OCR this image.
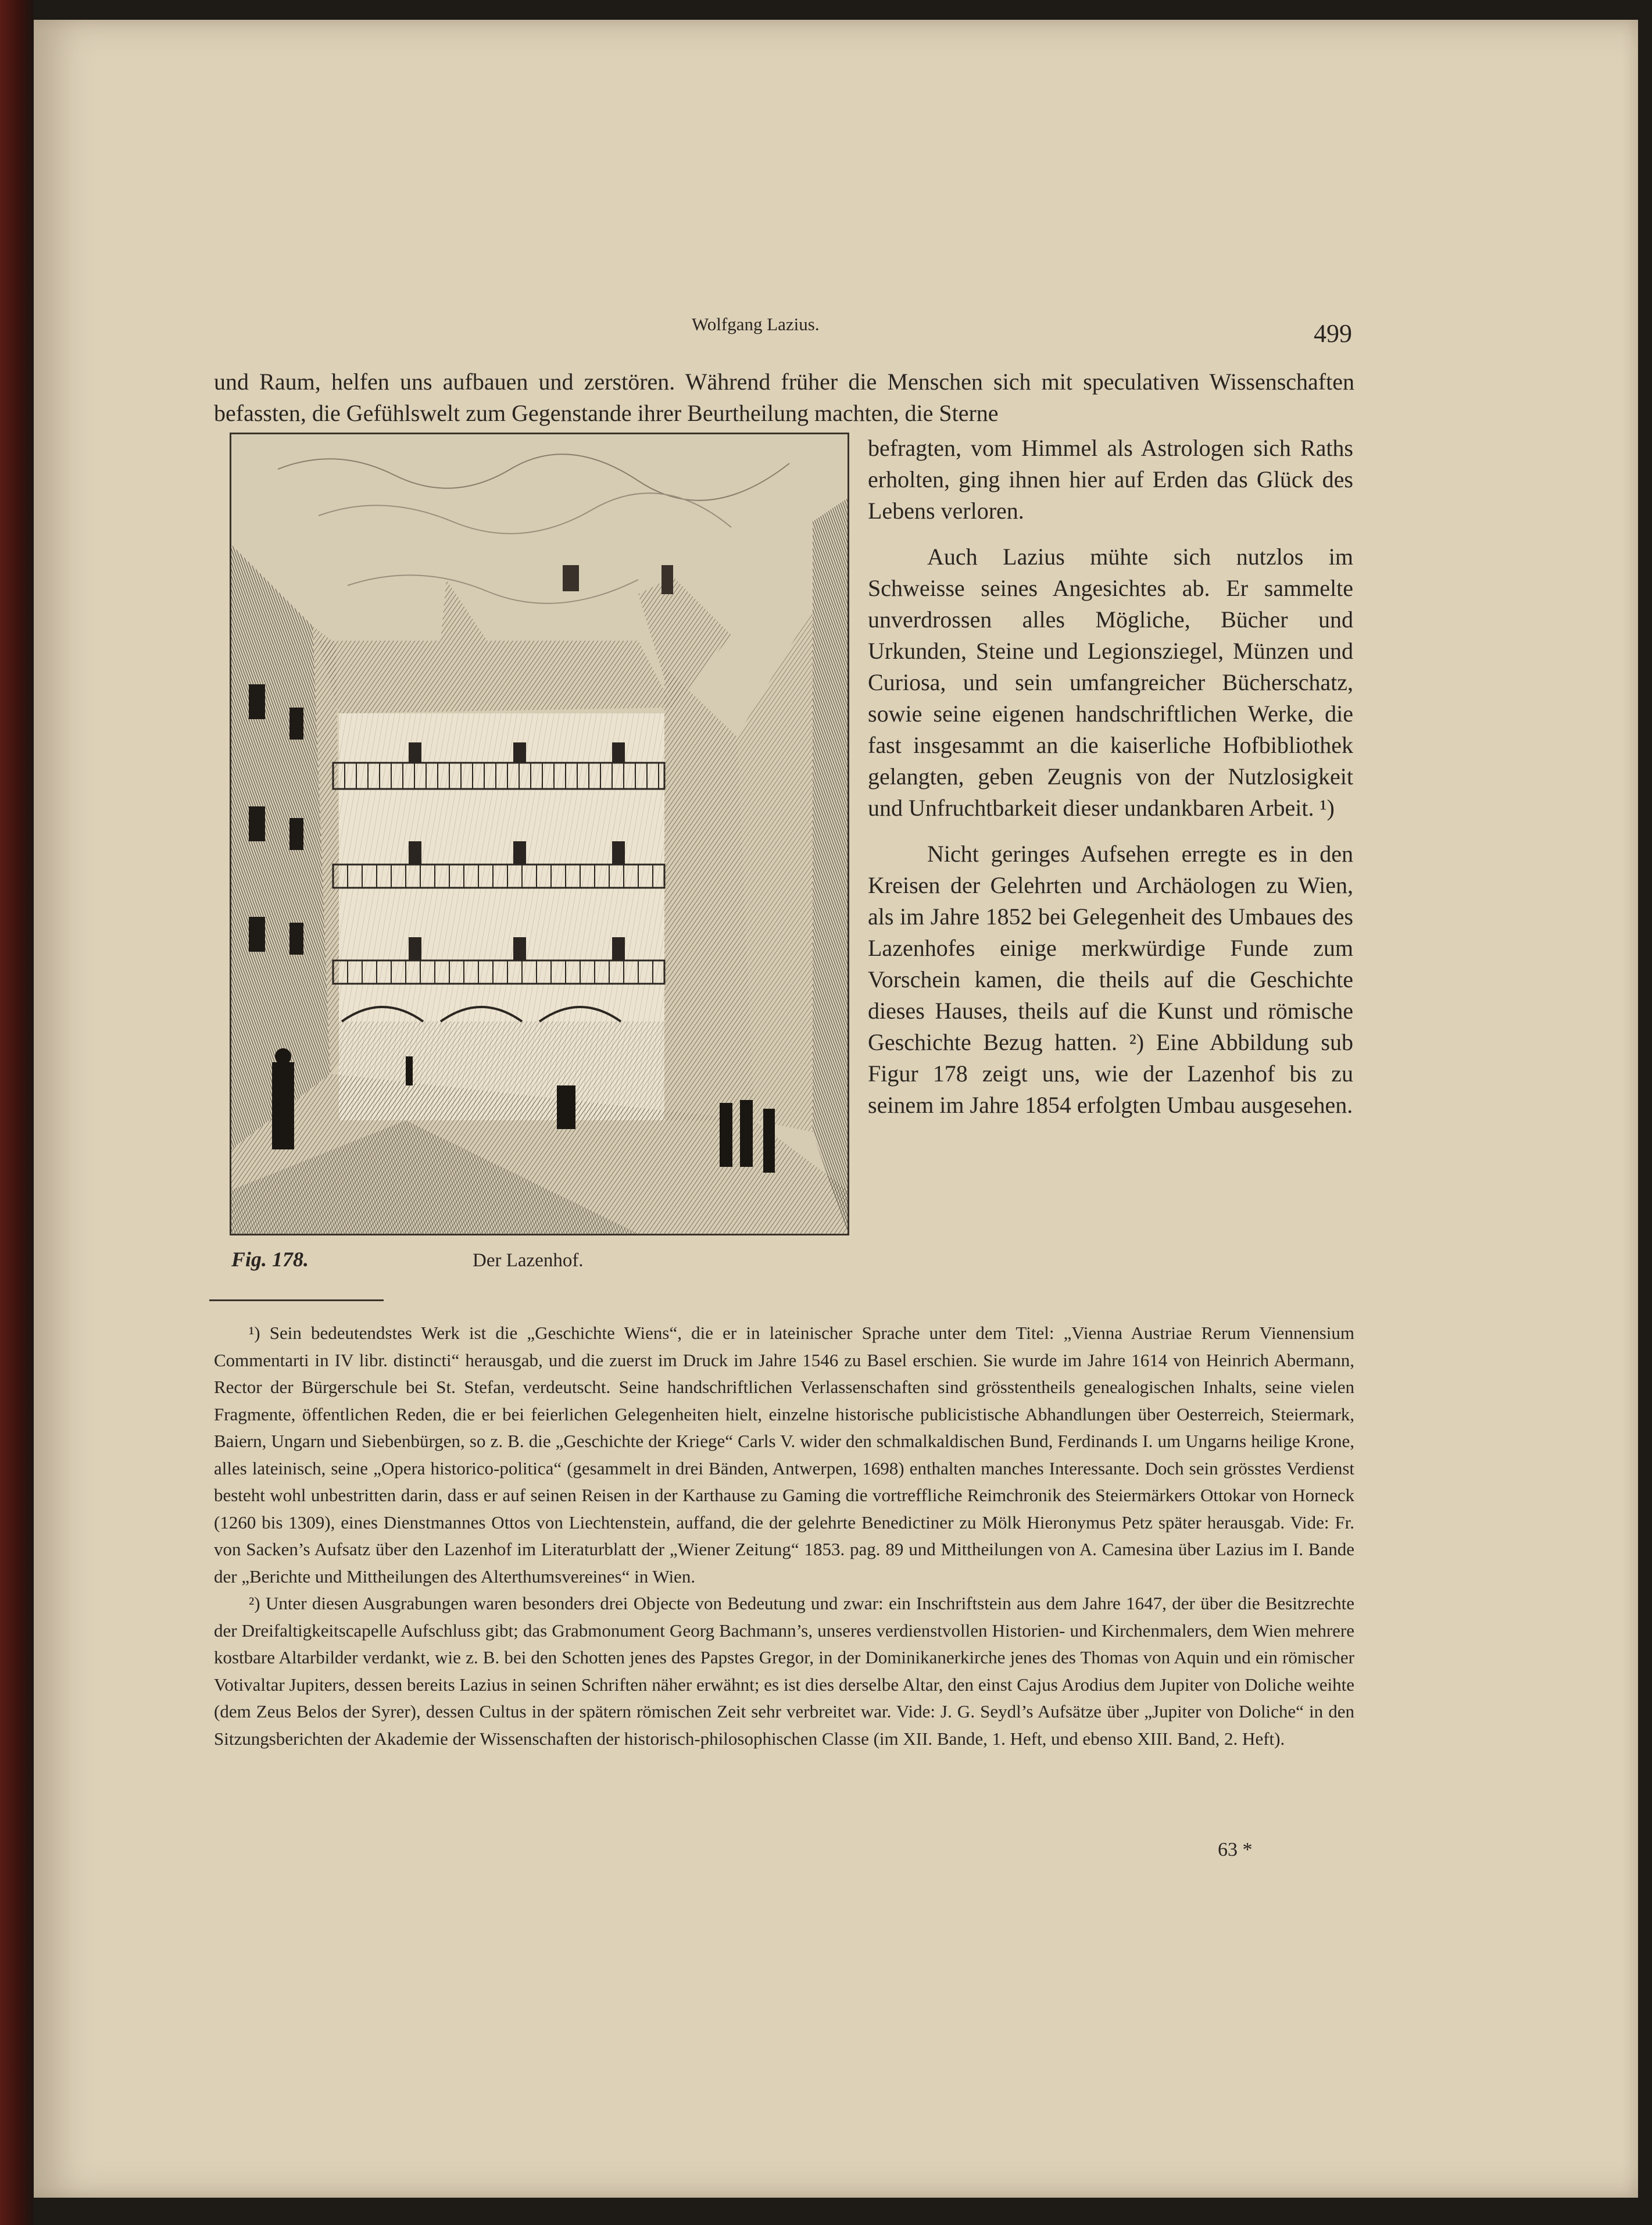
Wolfgang Lazius.	499
und Raum, helfen uns aufbauen und zerstören. Während früher die Menschen sich mit speculativen Wissenschaften befassten, die Gefühlswelt zum Gegenstande ihrer Beurtheilung machten, die Sterne
Fig. 178.	Der Lazenhof.

befragten, vom Himmel als Astrologen sich Raths erholten, ging ihnen hier auf Erden das Glück des Lebens verloren.

Auch Lazius mühte sich nutzlos im Schweisse seines Angesichtes ab. Er sammelte unverdrossen alles Mögliche, Bücher und Urkunden, Steine und Legionsziegel, Münzen und Curiosa, und sein umfangreicher Bücherschatz, sowie seine eigenen handschriftlichen Werke, die fast insgesammt an die kaiserliche Hofbibliothek gelangten, geben Zeugnis von der Nutzlosigkeit und Unfruchtbarkeit dieser undankbaren Arbeit. ¹)

Nicht geringes Aufsehen erregte es in den Kreisen der Gelehrten und Archäologen zu Wien, als im Jahre 1852 bei Gelegenheit des Umbaues des Lazenhofes einige merkwürdige Funde zum Vorschein kamen, die theils auf die Geschichte dieses Hauses, theils auf die Kunst und römische Geschichte Bezug hatten. ²) Eine Abbildung sub Figur 178 zeigt uns, wie der Lazenhof bis zu seinem im Jahre 1854 erfolgten Umbau ausgesehen.

¹) Sein bedeutendstes Werk ist die „Geschichte Wiens“, die er in lateinischer Sprache unter dem Titel: „Vienna Austriae Rerum Viennensium Commentarti in IV libr. distincti“ herausgab, und die zuerst im Druck im Jahre 1546 zu Basel erschien. Sie wurde im Jahre 1614 von Heinrich Abermann, Rector der Bürgerschule bei St. Stefan, verdeutscht. Seine handschriftlichen Verlassenschaften sind grösstentheils genealogischen Inhalts, seine vielen Fragmente, öffentlichen Reden, die er bei feierlichen Gelegenheiten hielt, einzelne historische publicistische Abhandlungen über Oesterreich, Steiermark, Baiern, Ungarn und Siebenbürgen, so z. B. die „Geschichte der Kriege“ Carls V. wider den schmalkaldischen Bund, Ferdinands I. um Ungarns heilige Krone, alles lateinisch, seine „Opera historico-politica“ (gesammelt in drei Bänden, Antwerpen, 1698) enthalten manches Interessante. Doch sein grösstes Verdienst besteht wohl unbestritten darin, dass er auf seinen Reisen in der Karthause zu Gaming die vortreffliche Reimchronik des Steiermärkers Ottokar von Horneck (1260 bis 1309), eines Dienstmannes Ottos von Liechtenstein, auffand, die der gelehrte Benedictiner zu Mölk Hieronymus Petz später herausgab. Vide: Fr. von Sacken’s Aufsatz über den Lazenhof im Literaturblatt der „Wiener Zeitung“ 1853. pag. 89 und Mittheilungen von A. Camesina über Lazius im I. Bande der „Berichte und Mittheilungen des Alterthumsvereines“ in Wien.

²) Unter diesen Ausgrabungen waren besonders drei Objecte von Bedeutung und zwar: ein Inschriftstein aus dem Jahre 1647, der über die Besitzrechte der Dreifaltigkeitscapelle Aufschluss gibt; das Grabmonument Georg Bachmann’s, unseres verdienstvollen Historien- und Kirchenmalers, dem Wien mehrere kostbare Altarbilder verdankt, wie z. B. bei den Schotten jenes des Papstes Gregor, in der Dominikanerkirche jenes des Thomas von Aquin und ein römischer Votivaltar Jupiters, dessen bereits Lazius in seinen Schriften näher erwähnt; es ist dies derselbe Altar, den einst Cajus Arodius dem Jupiter von Doliche weihte (dem Zeus Belos der Syrer), dessen Cultus in der spätern römischen Zeit sehr verbreitet war. Vide: J. G. Seydl’s Aufsätze über „Jupiter von Doliche“ in den Sitzungsberichten der Akademie der Wissenschaften der historisch-philosophischen Classe (im XII. Bande, 1. Heft, und ebenso XIII. Band, 2. Heft).

63 *
